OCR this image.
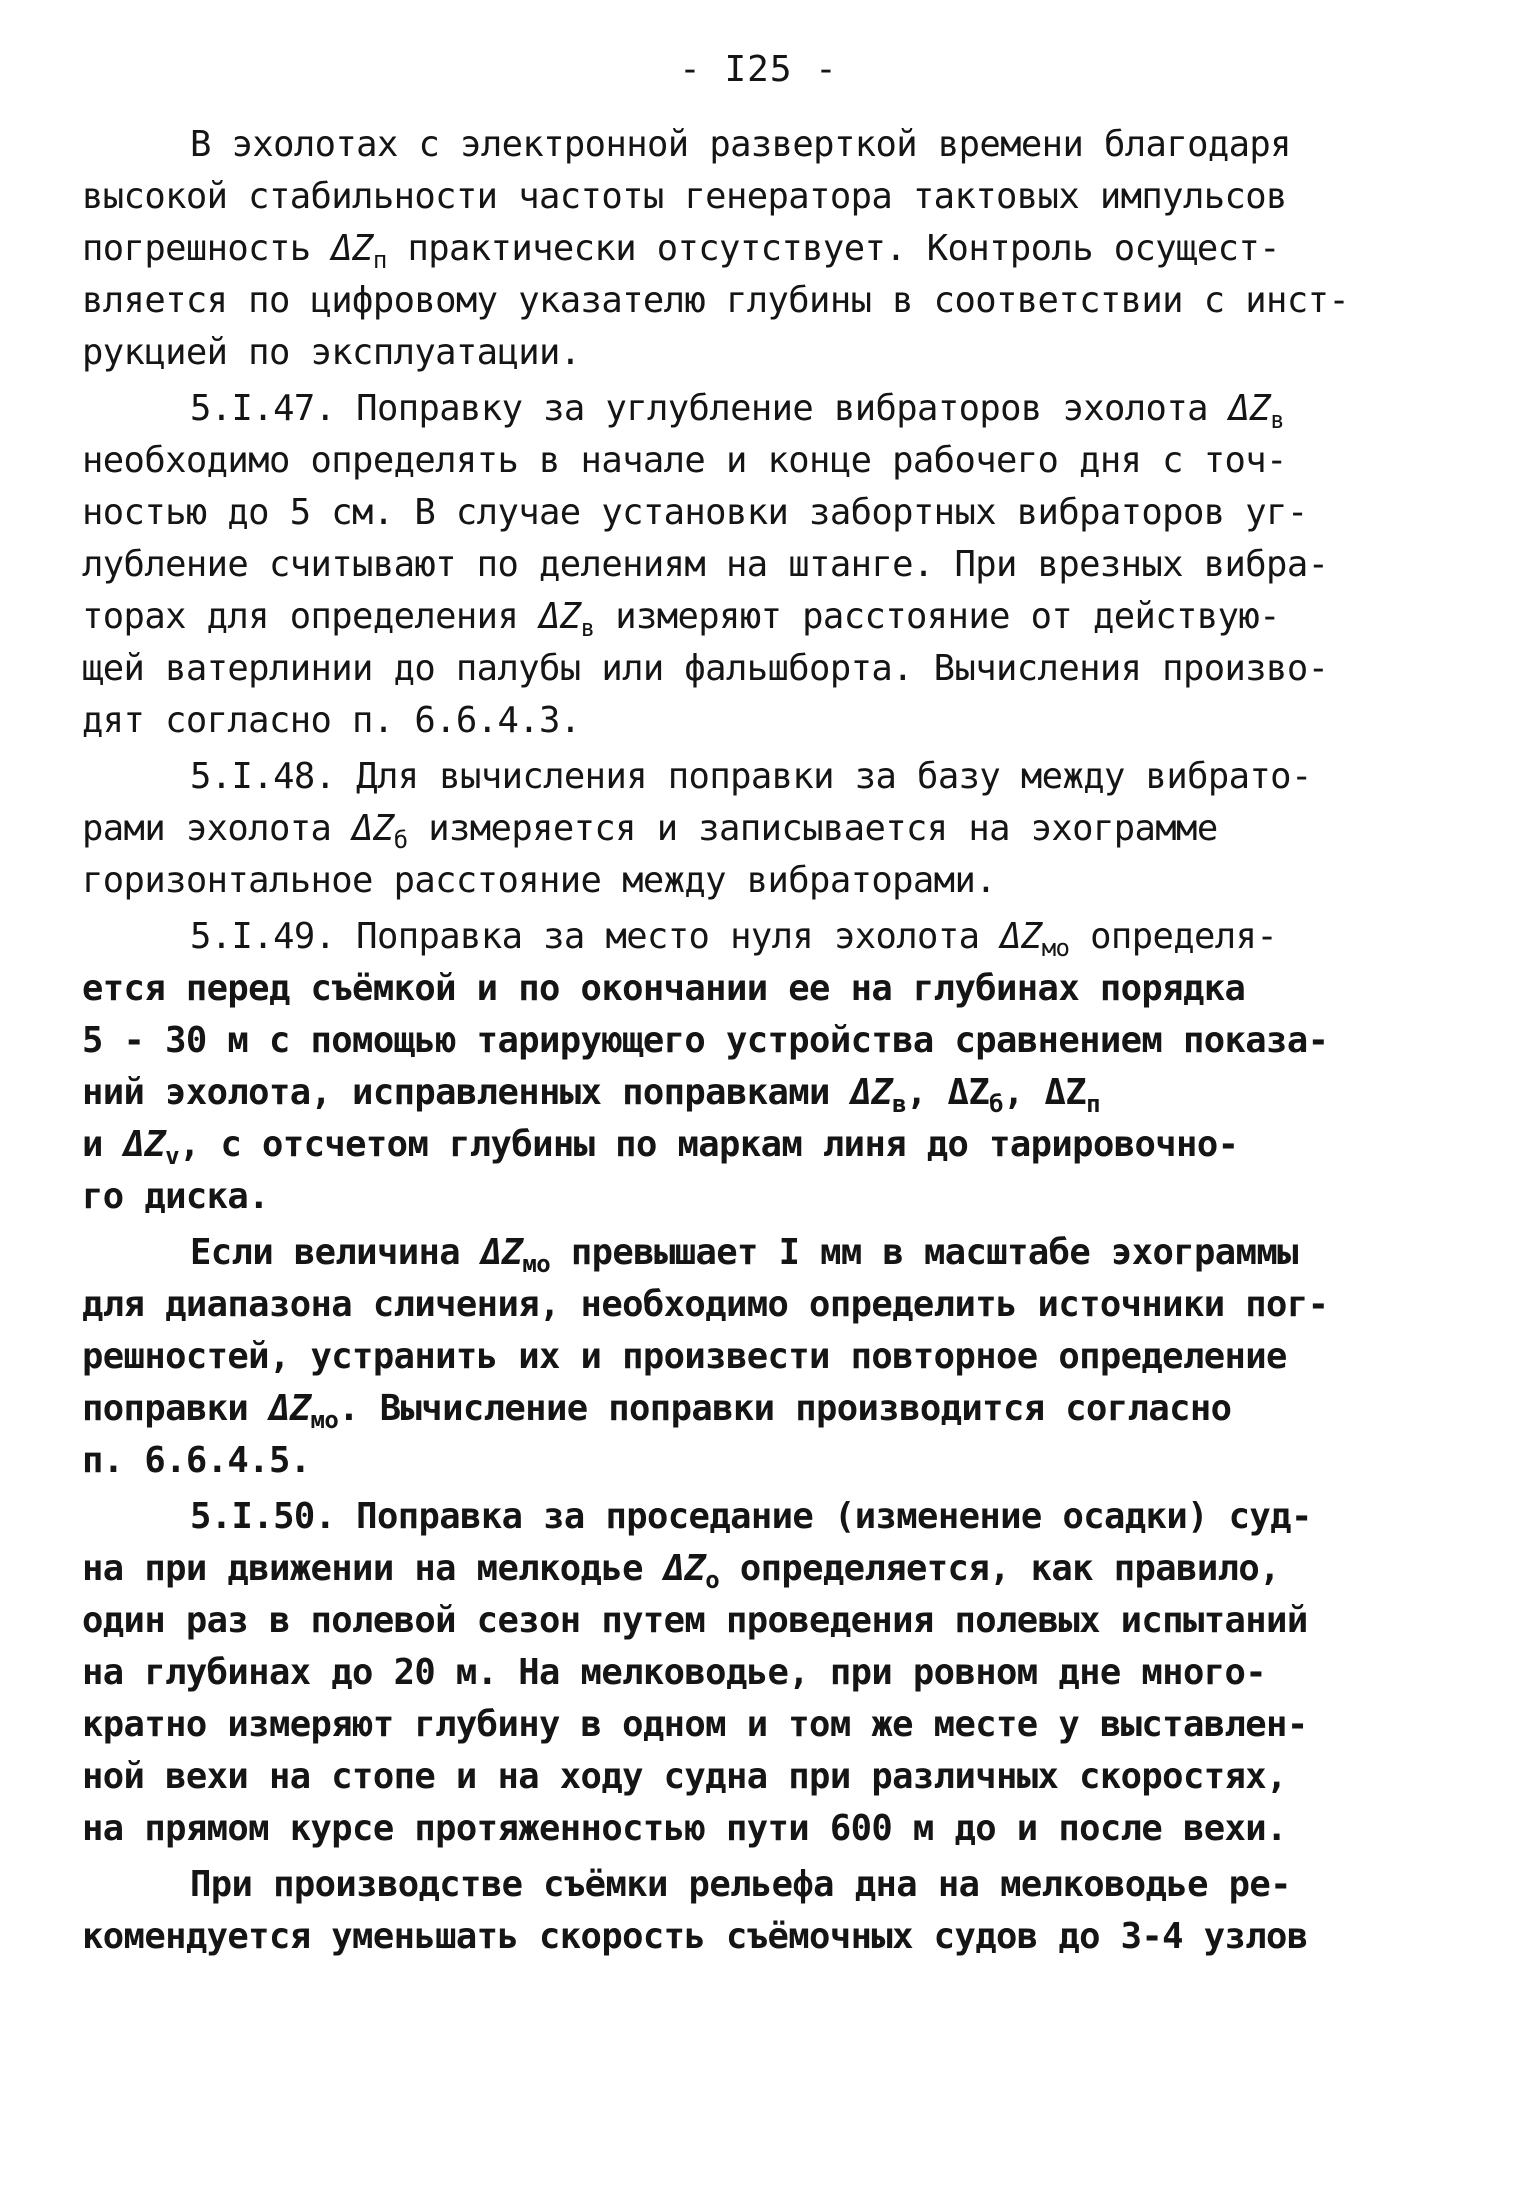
- I25 -
В эхолотах с электронной разверткой времени благодаря
высокой стабильности частоты генератора тактовых импульсов
погрешность $\Delta Z_п$ практически отсутствует. Контроль осущест-
вляется по цифровому указателю глубины в соответствии с инст-
рукцией по эксплуатации.
5.I.47. Поправку за углубление вибраторов эхолота $\Delta Z_в$
необходимо определять в начале и конце рабочего дня с точ-
ностью до 5 см. В случае установки забортных вибраторов уг-
лубление считывают по делениям на штанге. При врезных вибра-
торах для определения $\Delta Z_в$ измеряют расстояние от действую-
щей ватерлинии до палубы или фальшборта. Вычисления произво-
дят согласно п. 6.6.4.3.
5.I.48. Для вычисления поправки за базу между вибрато-
рами эхолота $\Delta Z_б$ измеряется и записывается на эхограмме
горизонтальное расстояние между вибраторами.
5.I.49. Поправка за место нуля эхолота $\Delta Z_{мо}$ определя-
ется перед съёмкой и по окончании ее на глубинах порядка
5 - 30 м с помощью тарирующего устройства сравнением показа-
ний эхолота, исправленных поправками $\Delta Z_в$, $\Delta Z_б$, $\Delta Z_п$
и $\Delta Z_v$, с отсчетом глубины по маркам линя до тарировочно-
го диска.
Если величина $\Delta Z_{мо}$ превышает I мм в масштабе эхограммы
для диапазона сличения, необходимо определить источники пог-
решностей, устранить их и произвести повторное определение
поправки $\Delta Z_{мо}$. Вычисление поправки производится согласно
п. 6.6.4.5.
5.I.50. Поправка за проседание (изменение осадки) суд-
на при движении на мелкодье $\Delta Z_о$ определяется, как правило,
один раз в полевой сезон путем проведения полевых испытаний
на глубинах до 20 м. На мелководье, при ровном дне много-
кратно измеряют глубину в одном и том же месте у выставлен-
ной вехи на стопе и на ходу судна при различных скоростях,
на прямом курсе протяженностью пути 600 м до и после вехи.
При производстве съёмки рельефа дна на мелководье ре-
комендуется уменьшать скорость съёмочных судов до 3-4 узлов
